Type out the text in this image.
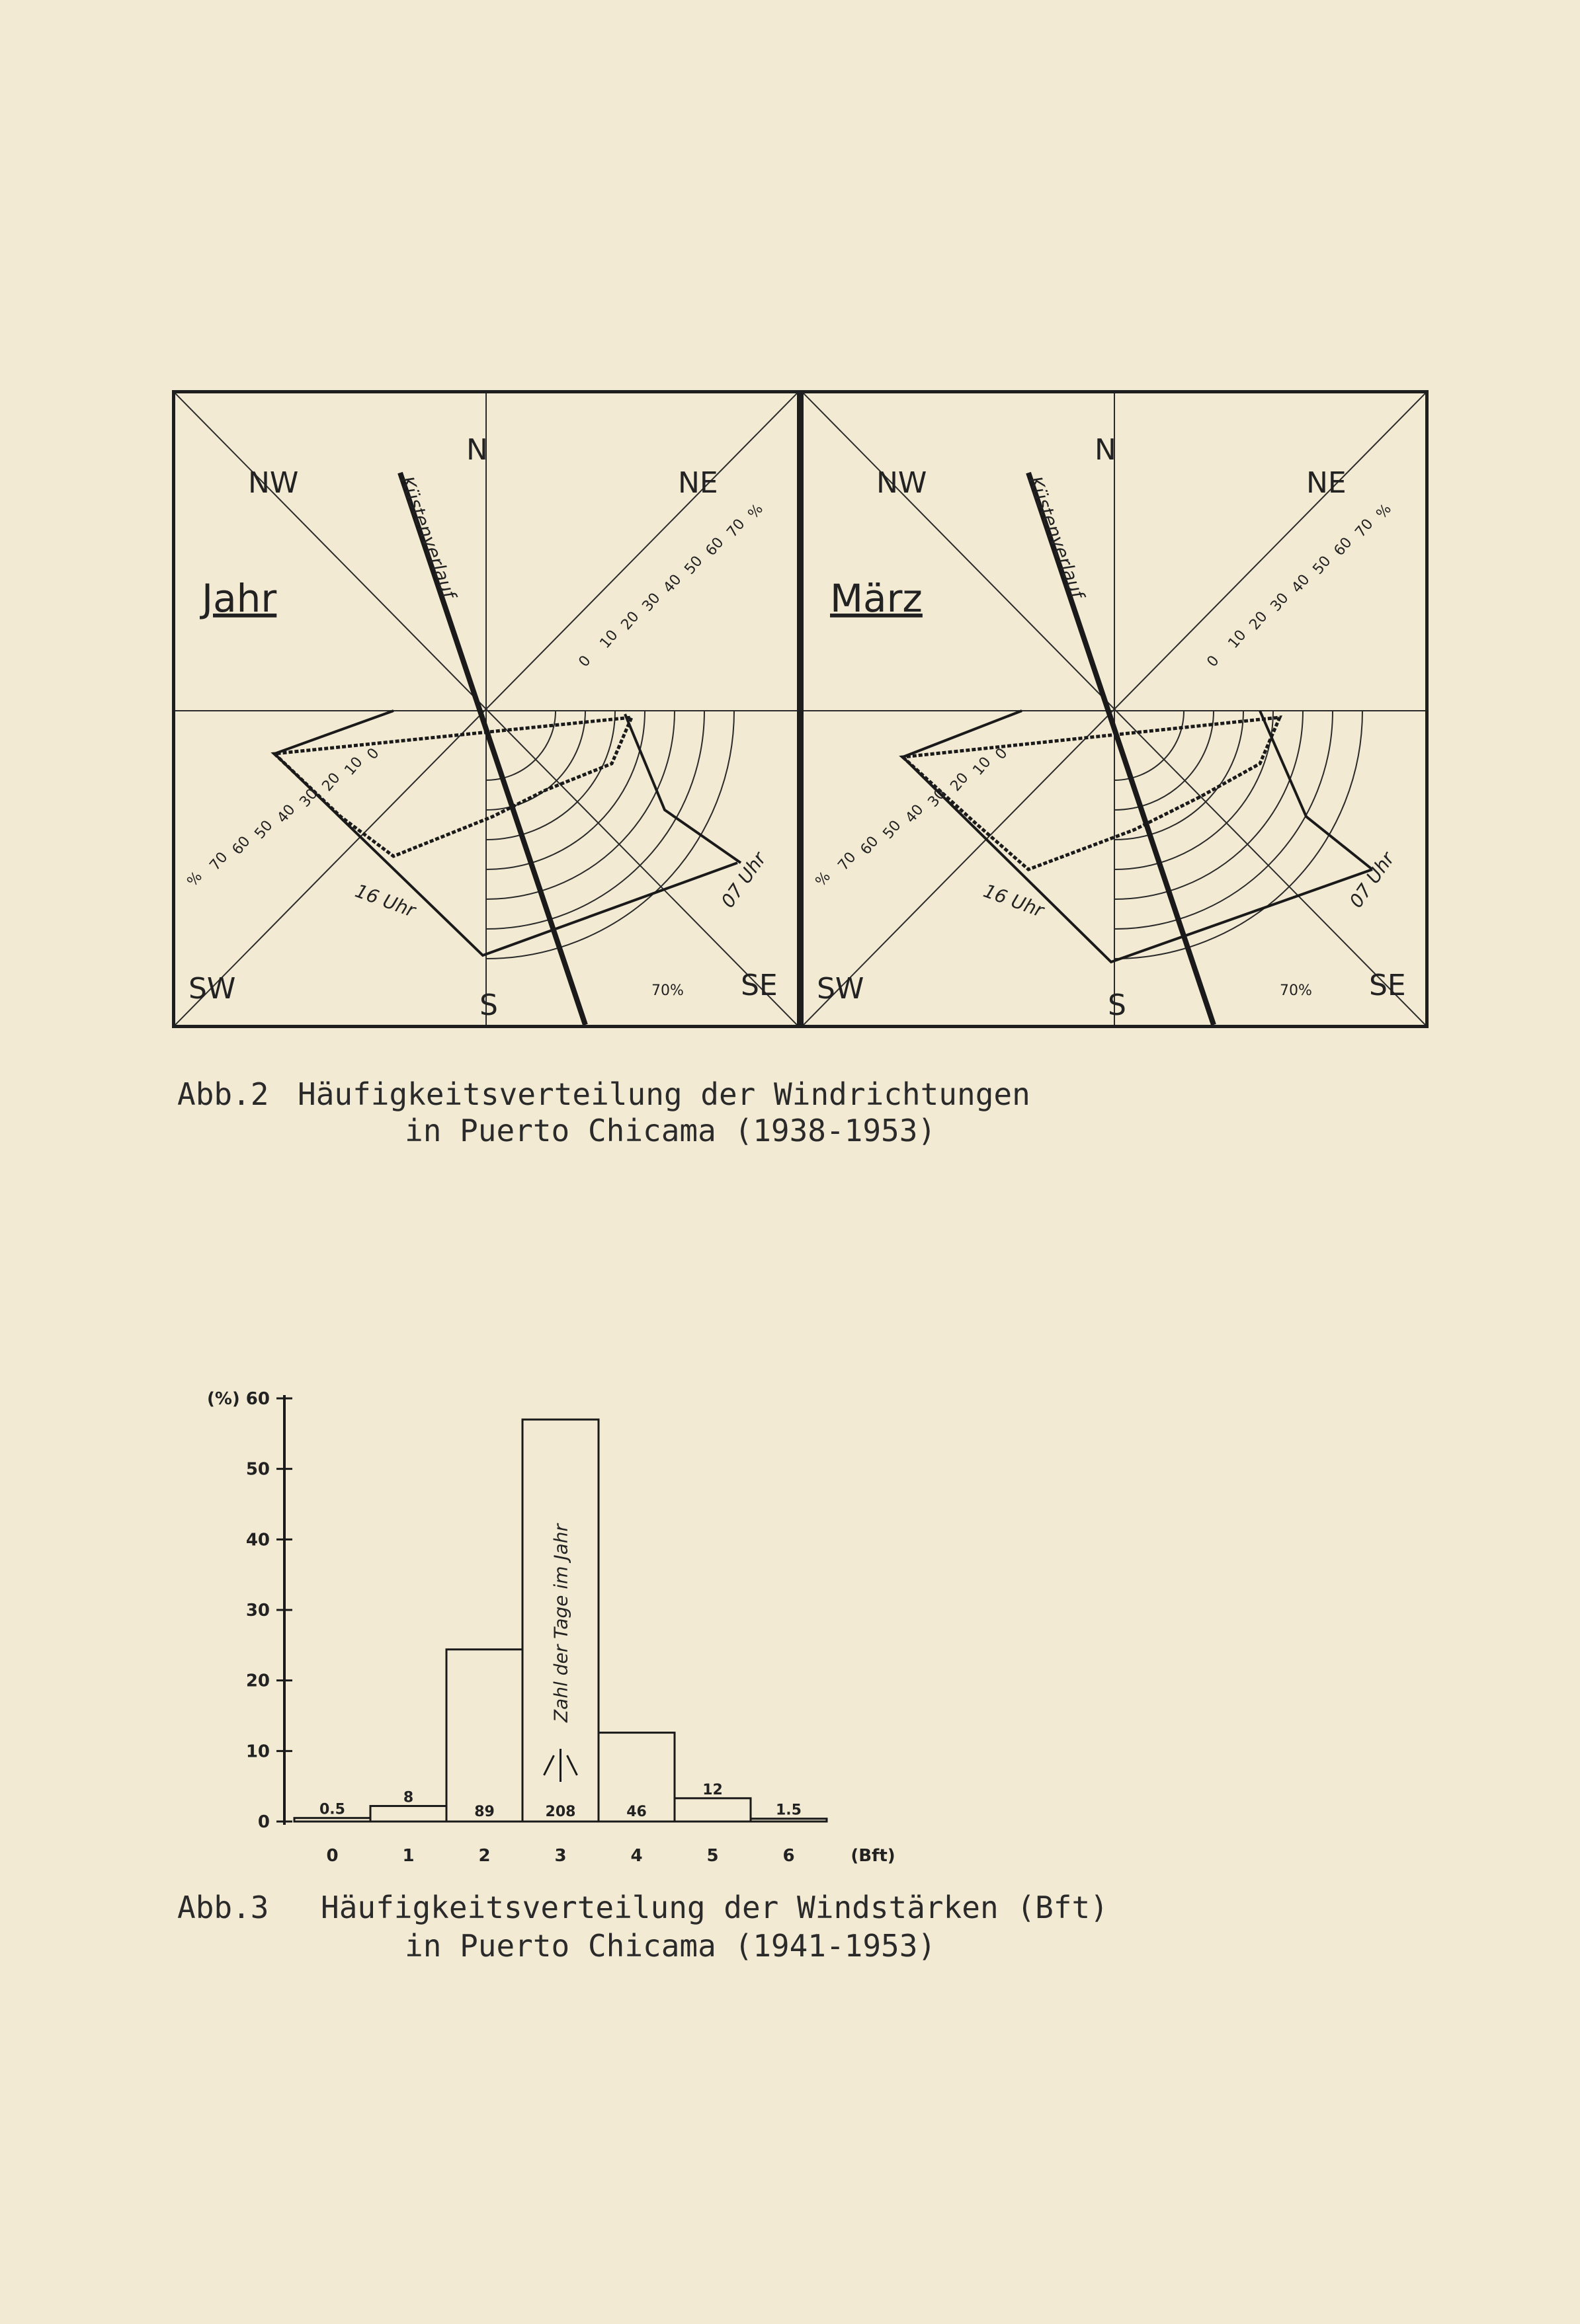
NW
N
NE
SW	S
SE
Jahr	Küstenverlauf
07 Uhr
16 Uhr
70%
0
10
20
30
40
50
60
70
%
0
10
20
30
40
50
60
70
%
NW
N
NE
SW	S
SE
März	Küstenverlauf
07 Uhr
16 Uhr
70%
0
10
20
30
40
50
60
70
%
0
10
20
30
40
50
60
70
%
Abb.2 Häufigkeitsverteilung der Windrichtungen
in Puerto Chicama (1938-1953)
0
10
20
30
40
50
(%) 60
0.5
0
8
1
89
2
208
3
46
4
12
5
1.5
6	(Bft)
Zahl der Tage im Jahr
Abb.3 Häufigkeitsverteilung der Windstärken (Bft)
in Puerto Chicama (1941-1953)
